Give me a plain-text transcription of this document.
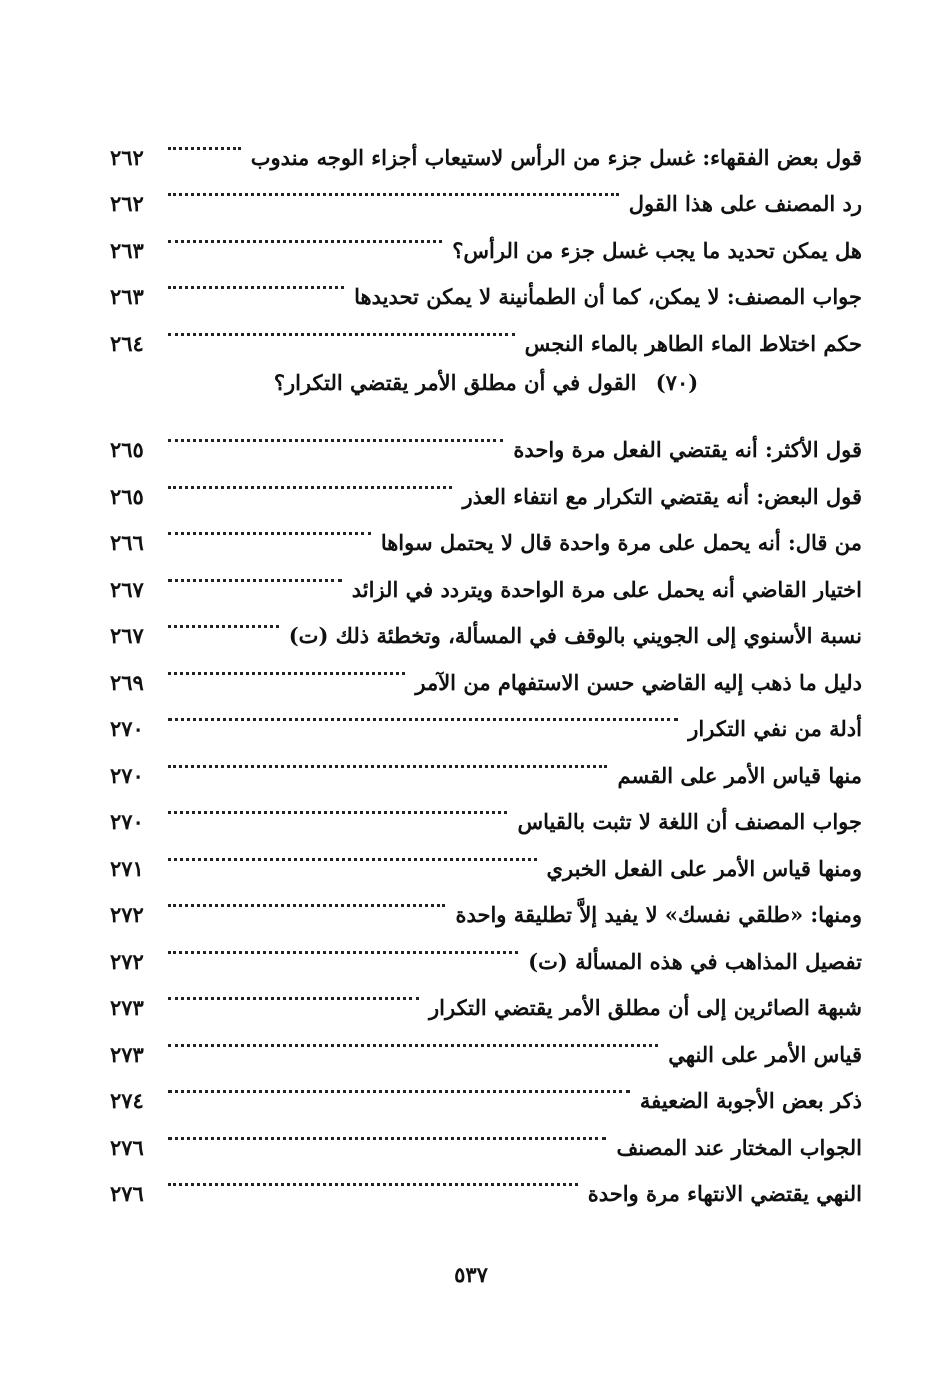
قول بعض الفقهاء: غسل جزء من الرأس لاستيعاب أجزاء الوجه مندوب
٢٦٢
رد المصنف على هذا القول
٢٦٢
هل يمكن تحديد ما يجب غسل جزء من الرأس؟
٢٦٣
جواب المصنف: لا يمكن، كما أن الطمأنينة لا يمكن تحديدها
٢٦٣
حكم اختلاط الماء الطاهر بالماء النجس
٢٦٤
(٧٠) القول في أن مطلق الأمر يقتضي التكرار؟
قول الأكثر: أنه يقتضي الفعل مرة واحدة
٢٦٥
قول البعض: أنه يقتضي التكرار مع انتفاء العذر
٢٦٥
من قال: أنه يحمل على مرة واحدة قال لا يحتمل سواها
٢٦٦
اختيار القاضي أنه يحمل على مرة الواحدة ويتردد في الزائد
٢٦٧
نسبة الأسنوي إلى الجويني بالوقف في المسألة، وتخطئة ذلك (ت)
٢٦٧
دليل ما ذهب إليه القاضي حسن الاستفهام من الآمر
٢٦٩
أدلة من نفي التكرار
٢٧٠
منها قياس الأمر على القسم
٢٧٠
جواب المصنف أن اللغة لا تثبت بالقياس
٢٧٠
ومنها قياس الأمر على الفعل الخبري
٢٧١
ومنها: «طلقي نفسك» لا يفيد إلاَّ تطليقة واحدة
٢٧٢
تفصيل المذاهب في هذه المسألة (ت)
٢٧٢
شبهة الصائرين إلى أن مطلق الأمر يقتضي التكرار
٢٧٣
قياس الأمر على النهي
٢٧٣
ذكر بعض الأجوبة الضعيفة
٢٧٤
الجواب المختار عند المصنف
٢٧٦
النهي يقتضي الانتهاء مرة واحدة
٢٧٦
٥٣٧
